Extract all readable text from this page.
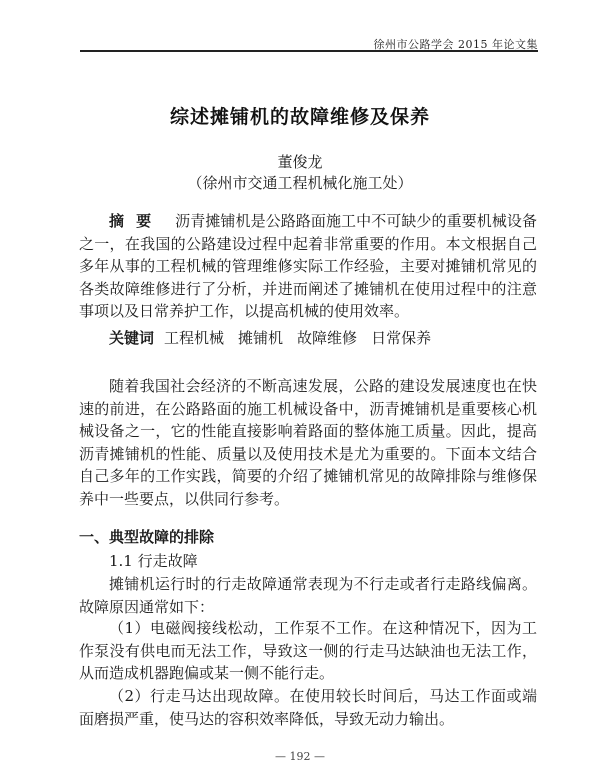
徐州市公路学会 2015 年论文集
综述摊铺机的故障维修及保养
董俊龙
（徐州市交通工程机械化施工处）

摘要 沥青摊铺机是公路路面施工中不可缺少的重要机械设备之一，在我国的公路建设过程中起着非常重要的作用。本文根据自己多年从事的工程机械的管理维修实际工作经验，主要对摊铺机常见的各类故障维修进行了分析，并进而阐述了摊铺机在使用过程中的注意事项以及日常养护工作，以提高机械的使用效率。

关键词 工程机械 摊铺机 故障维修 日常保养

随着我国社会经济的不断高速发展，公路的建设发展速度也在快速的前进，在公路路面的施工机械设备中，沥青摊铺机是重要核心机械设备之一，它的性能直接影响着路面的整体施工质量。因此，提高沥青摊铺机的性能、质量以及使用技术是尤为重要的。下面本文结合自己多年的工作实践，简要的介绍了摊铺机常见的故障排除与维修保养中一些要点，以供同行参考。

一、典型故障的排除
1.1 行走故障

摊铺机运行时的行走故障通常表现为不行走或者行走路线偏离。故障原因通常如下：

（1）电磁阀接线松动，工作泵不工作。在这种情况下，因为工作泵没有供电而无法工作，导致这一侧的行走马达缺油也无法工作，从而造成机器跑偏或某一侧不能行走。

（2）行走马达出现故障。在使用较长时间后，马达工作面或端面磨损严重，使马达的容积效率降低，导致无动力输出。

— 192 —
